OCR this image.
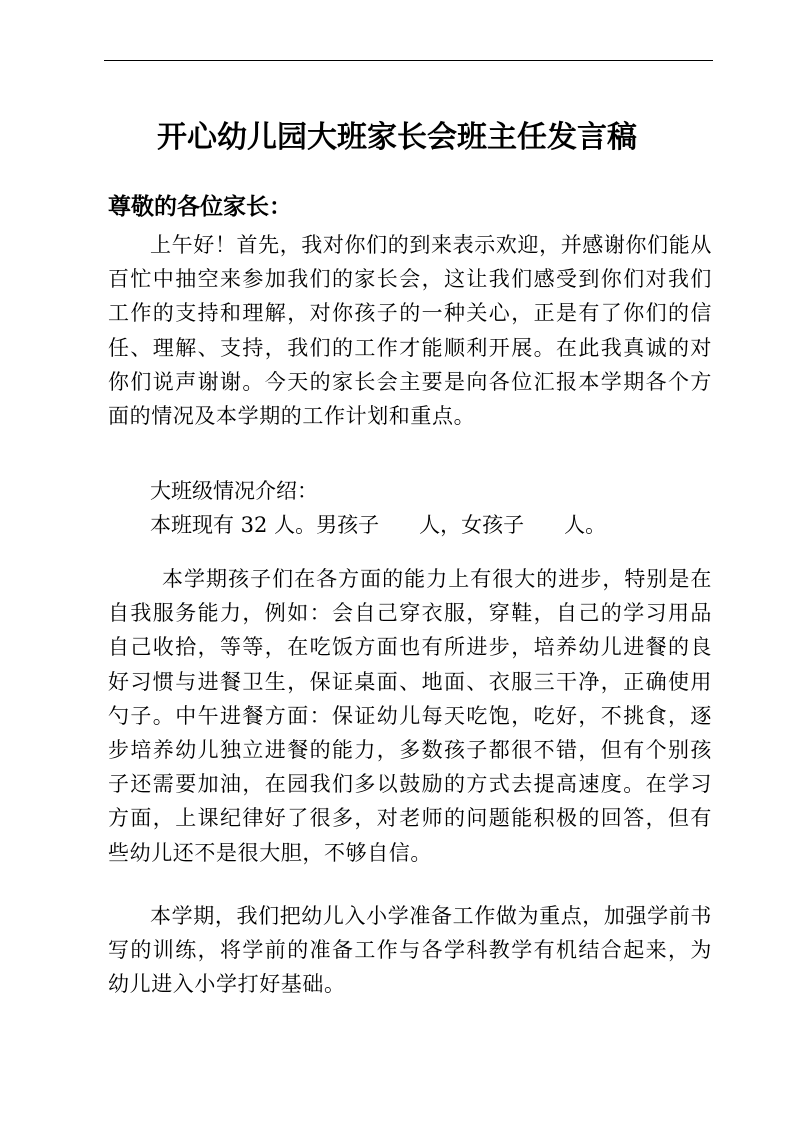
开心幼儿园大班家长会班主任发言稿

尊敬的各位家长：

上午好！首先，我对你们的到来表示欢迎，并感谢你们能从百忙中抽空来参加我们的家长会，这让我们感受到你们对我们工作的支持和理解，对你孩子的一种关心，正是有了你们的信任、理解、支持，我们的工作才能顺利开展。在此我真诚的对你们说声谢谢。今天的家长会主要是向各位汇报本学期各个方面的情况及本学期的工作计划和重点。

大班级情况介绍：

本班现有 32 人。男孩子      人，女孩子      人。

本学期孩子们在各方面的能力上有很大的进步，特别是在自我服务能力，例如：会自己穿衣服，穿鞋，自己的学习用品自己收拾，等等，在吃饭方面也有所进步，培养幼儿进餐的良好习惯与进餐卫生，保证桌面、地面、衣服三干净，正确使用勺子。中午进餐方面：保证幼儿每天吃饱，吃好，不挑食，逐步培养幼儿独立进餐的能力，多数孩子都很不错，但有个别孩子还需要加油，在园我们多以鼓励的方式去提高速度。在学习方面，上课纪律好了很多，对老师的问题能积极的回答，但有些幼儿还不是很大胆，不够自信。

本学期，我们把幼儿入小学准备工作做为重点，加强学前书写的训练，将学前的准备工作与各学科教学有机结合起来，为幼儿进入小学打好基础。
